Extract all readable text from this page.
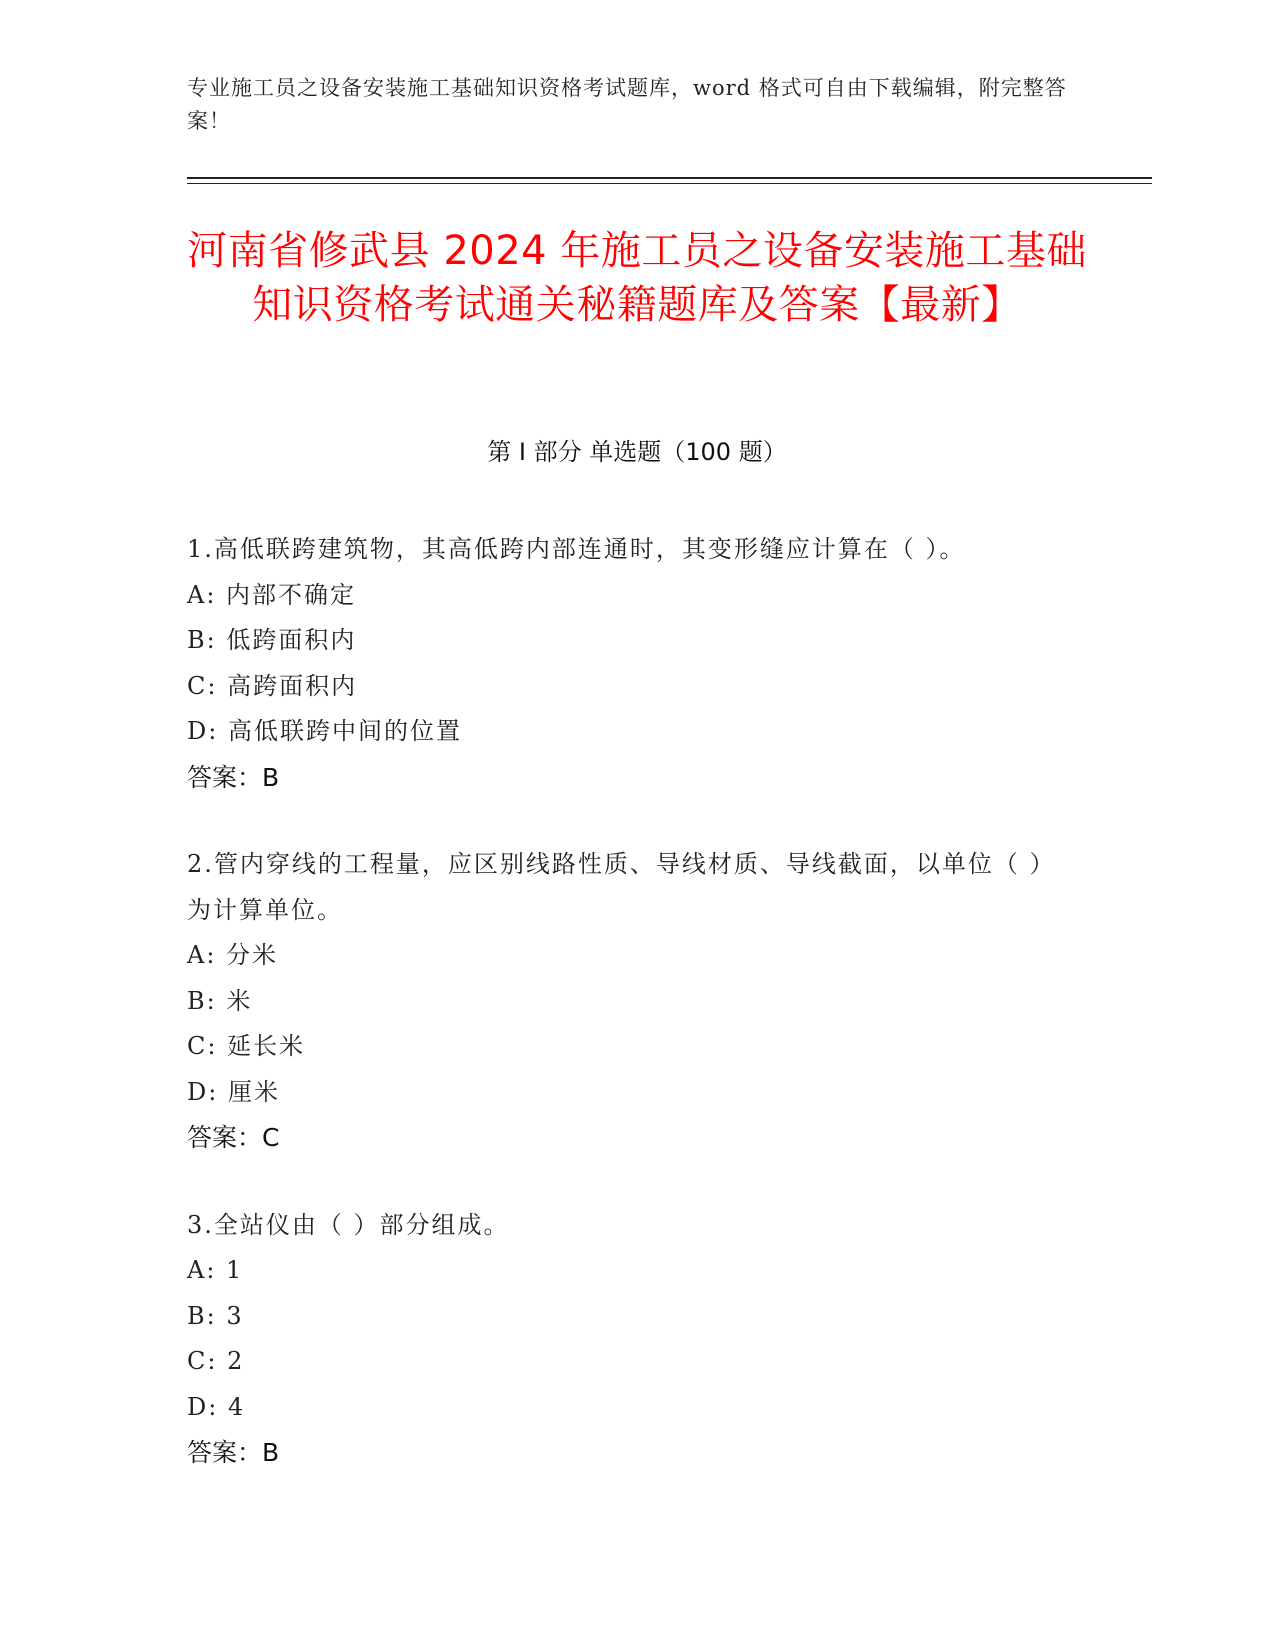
专业施工员之设备安装施工基础知识资格考试题库，word 格式可自由下载编辑，附完整答案！
河南省修武县 2024 年施工员之设备安装施工基础知识资格考试通关秘籍题库及答案【最新】
第 I 部分 单选题（100 题）
1.高低联跨建筑物，其高低跨内部连通时，其变形缝应计算在（ ）。
A: 内部不确定
B: 低跨面积内
C: 高跨面积内
D: 高低联跨中间的位置
答案：B
2.管内穿线的工程量，应区别线路性质、导线材质、导线截面，以单位（ ）为计算单位。
A: 分米
B: 米
C: 延长米
D: 厘米
答案：C
3.全站仪由（ ）部分组成。
A: 1
B: 3
C: 2
D: 4
答案：B
